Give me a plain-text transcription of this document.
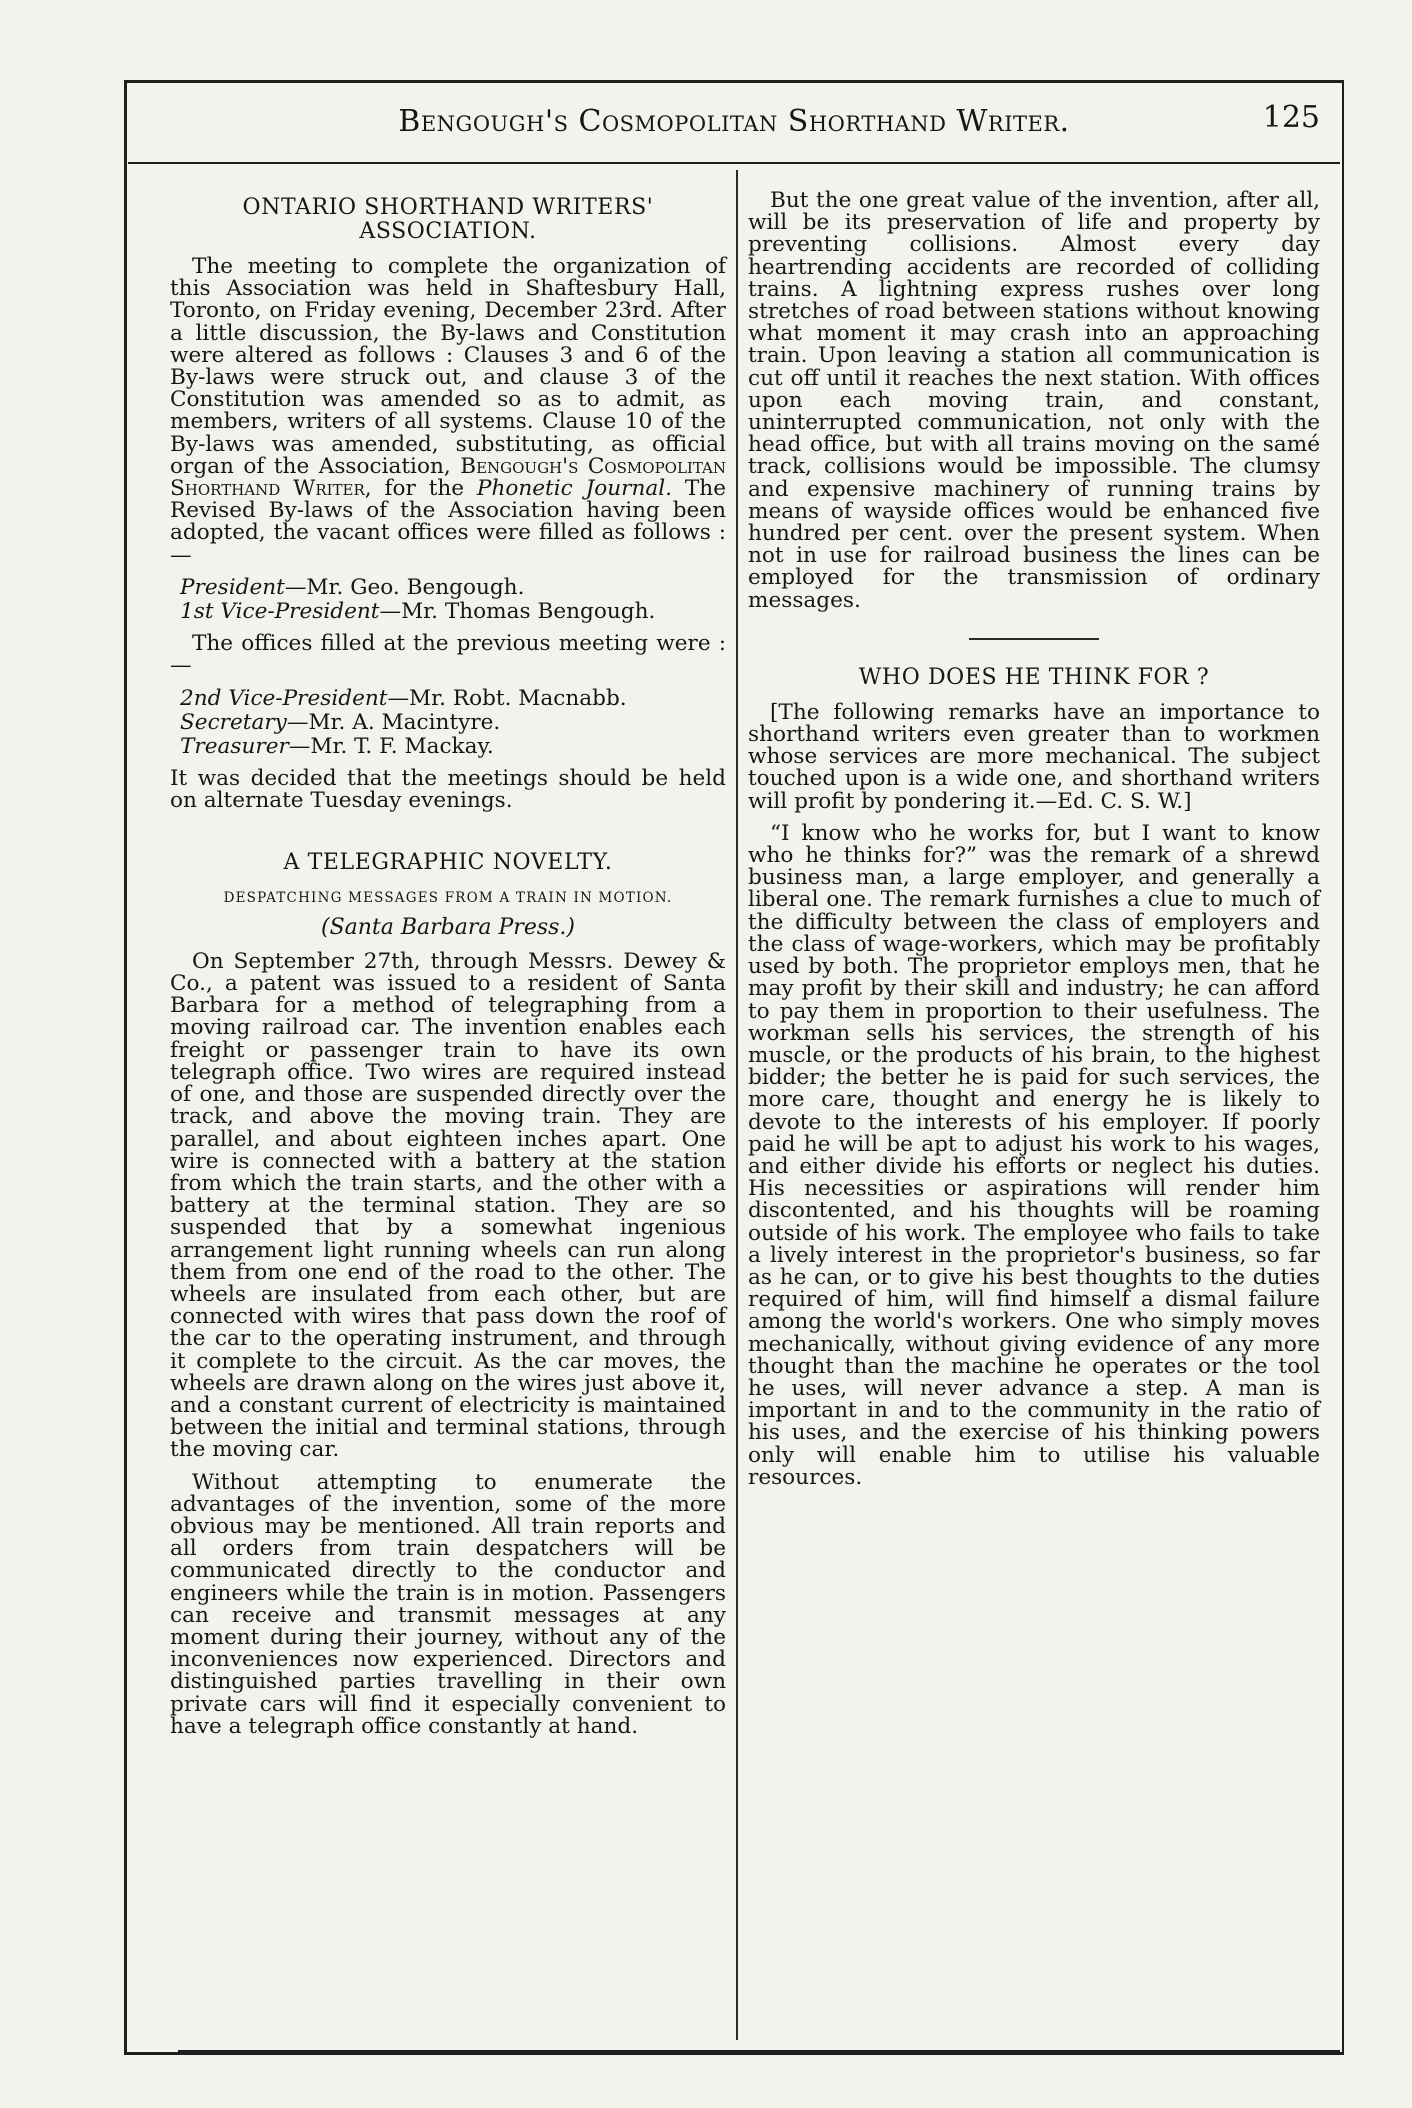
Bengough's Cosmopolitan Shorthand Writer.	125
ONTARIO SHORTHAND WRITERS' ASSOCIATION.

The meeting to complete the organization of this Association was held in Shaftesbury Hall, Toronto, on Friday evening, December 23rd. After a little discussion, the By-laws and Constitution were altered as follows : Clauses 3 and 6 of the By-laws were struck out, and clause 3 of the Constitution was amended so as to admit, as members, writers of all systems. Clause 10 of the By-laws was amended, substituting, as official organ of the Association, Bengough's Cosmopolitan Shorthand Writer, for the Phonetic Journal. The Revised By-laws of the Association having been adopted, the vacant offices were filled as follows :—

President—Mr. Geo. Bengough.
1st Vice-President—Mr. Thomas Bengough.

The offices filled at the previous meeting were :—

2nd Vice-President—Mr. Robt. Macnabb.
Secretary—Mr. A. Macintyre.
Treasurer—Mr. T. F. Mackay.

It was decided that the meetings should be held on alternate Tuesday evenings.

A TELEGRAPHIC NOVELTY.
DESPATCHING MESSAGES FROM A TRAIN IN MOTION.
(Santa Barbara Press.)

On September 27th, through Messrs. Dewey & Co., a patent was issued to a resident of Santa Barbara for a method of telegraphing from a moving railroad car. The invention enables each freight or passenger train to have its own telegraph office. Two wires are required instead of one, and those are suspended directly over the track, and above the moving train. They are parallel, and about eighteen inches apart. One wire is connected with a battery at the station from which the train starts, and the other with a battery at the terminal station. They are so suspended that by a somewhat ingenious arrangement light running wheels can run along them from one end of the road to the other. The wheels are insulated from each other, but are connected with wires that pass down the roof of the car to the operating instrument, and through it complete to the circuit. As the car moves, the wheels are drawn along on the wires just above it, and a constant current of electricity is maintained between the initial and terminal stations, through the moving car.

Without attempting to enumerate the advantages of the invention, some of the more obvious may be mentioned. All train reports and all orders from train despatchers will be communicated directly to the conductor and engineers while the train is in motion. Passengers can receive and transmit messages at any moment during their journey, without any of the inconveniences now experienced. Directors and distinguished parties travelling in their own private cars will find it especially convenient to have a telegraph office constantly at hand.

But the one great value of the invention, after all, will be its preservation of life and property by preventing collisions. Almost every day heartrending accidents are recorded of colliding trains. A lightning express rushes over long stretches of road between stations without knowing what moment it may crash into an approaching train. Upon leaving a station all communication is cut off until it reaches the next station. With offices upon each moving train, and constant, uninterrupted communication, not only with the head office, but with all trains moving on the samé track, collisions would be impossible. The clumsy and expensive machinery of running trains by means of wayside offices would be enhanced five hundred per cent. over the present system. When not in use for railroad business the lines can be employed for the transmission of ordinary messages.

WHO DOES HE THINK FOR ?

[The following remarks have an importance to shorthand writers even greater than to workmen whose services are more mechanical. The subject touched upon is a wide one, and shorthand writers will profit by pondering it.—Ed. C. S. W.]

“I know who he works for, but I want to know who he thinks for?” was the remark of a shrewd business man, a large employer, and generally a liberal one. The remark furnishes a clue to much of the difficulty between the class of employers and the class of wage-workers, which may be profitably used by both. The proprietor employs men, that he may profit by their skill and industry; he can afford to pay them in proportion to their usefulness. The workman sells his services, the strength of his muscle, or the products of his brain, to the highest bidder; the better he is paid for such services, the more care, thought and energy he is likely to devote to the interests of his employer. If poorly paid he will be apt to adjust his work to his wages, and either divide his efforts or neglect his duties. His necessities or aspirations will render him discontented, and his thoughts will be roaming outside of his work. The employee who fails to take a lively interest in the proprietor's business, so far as he can, or to give his best thoughts to the duties required of him, will find himself a dismal failure among the world's workers. One who simply moves mechanically, without giving evidence of any more thought than the machine he operates or the tool he uses, will never advance a step. A man is important in and to the community in the ratio of his uses, and the exercise of his thinking powers only will enable him to utilise his valuable resources.
